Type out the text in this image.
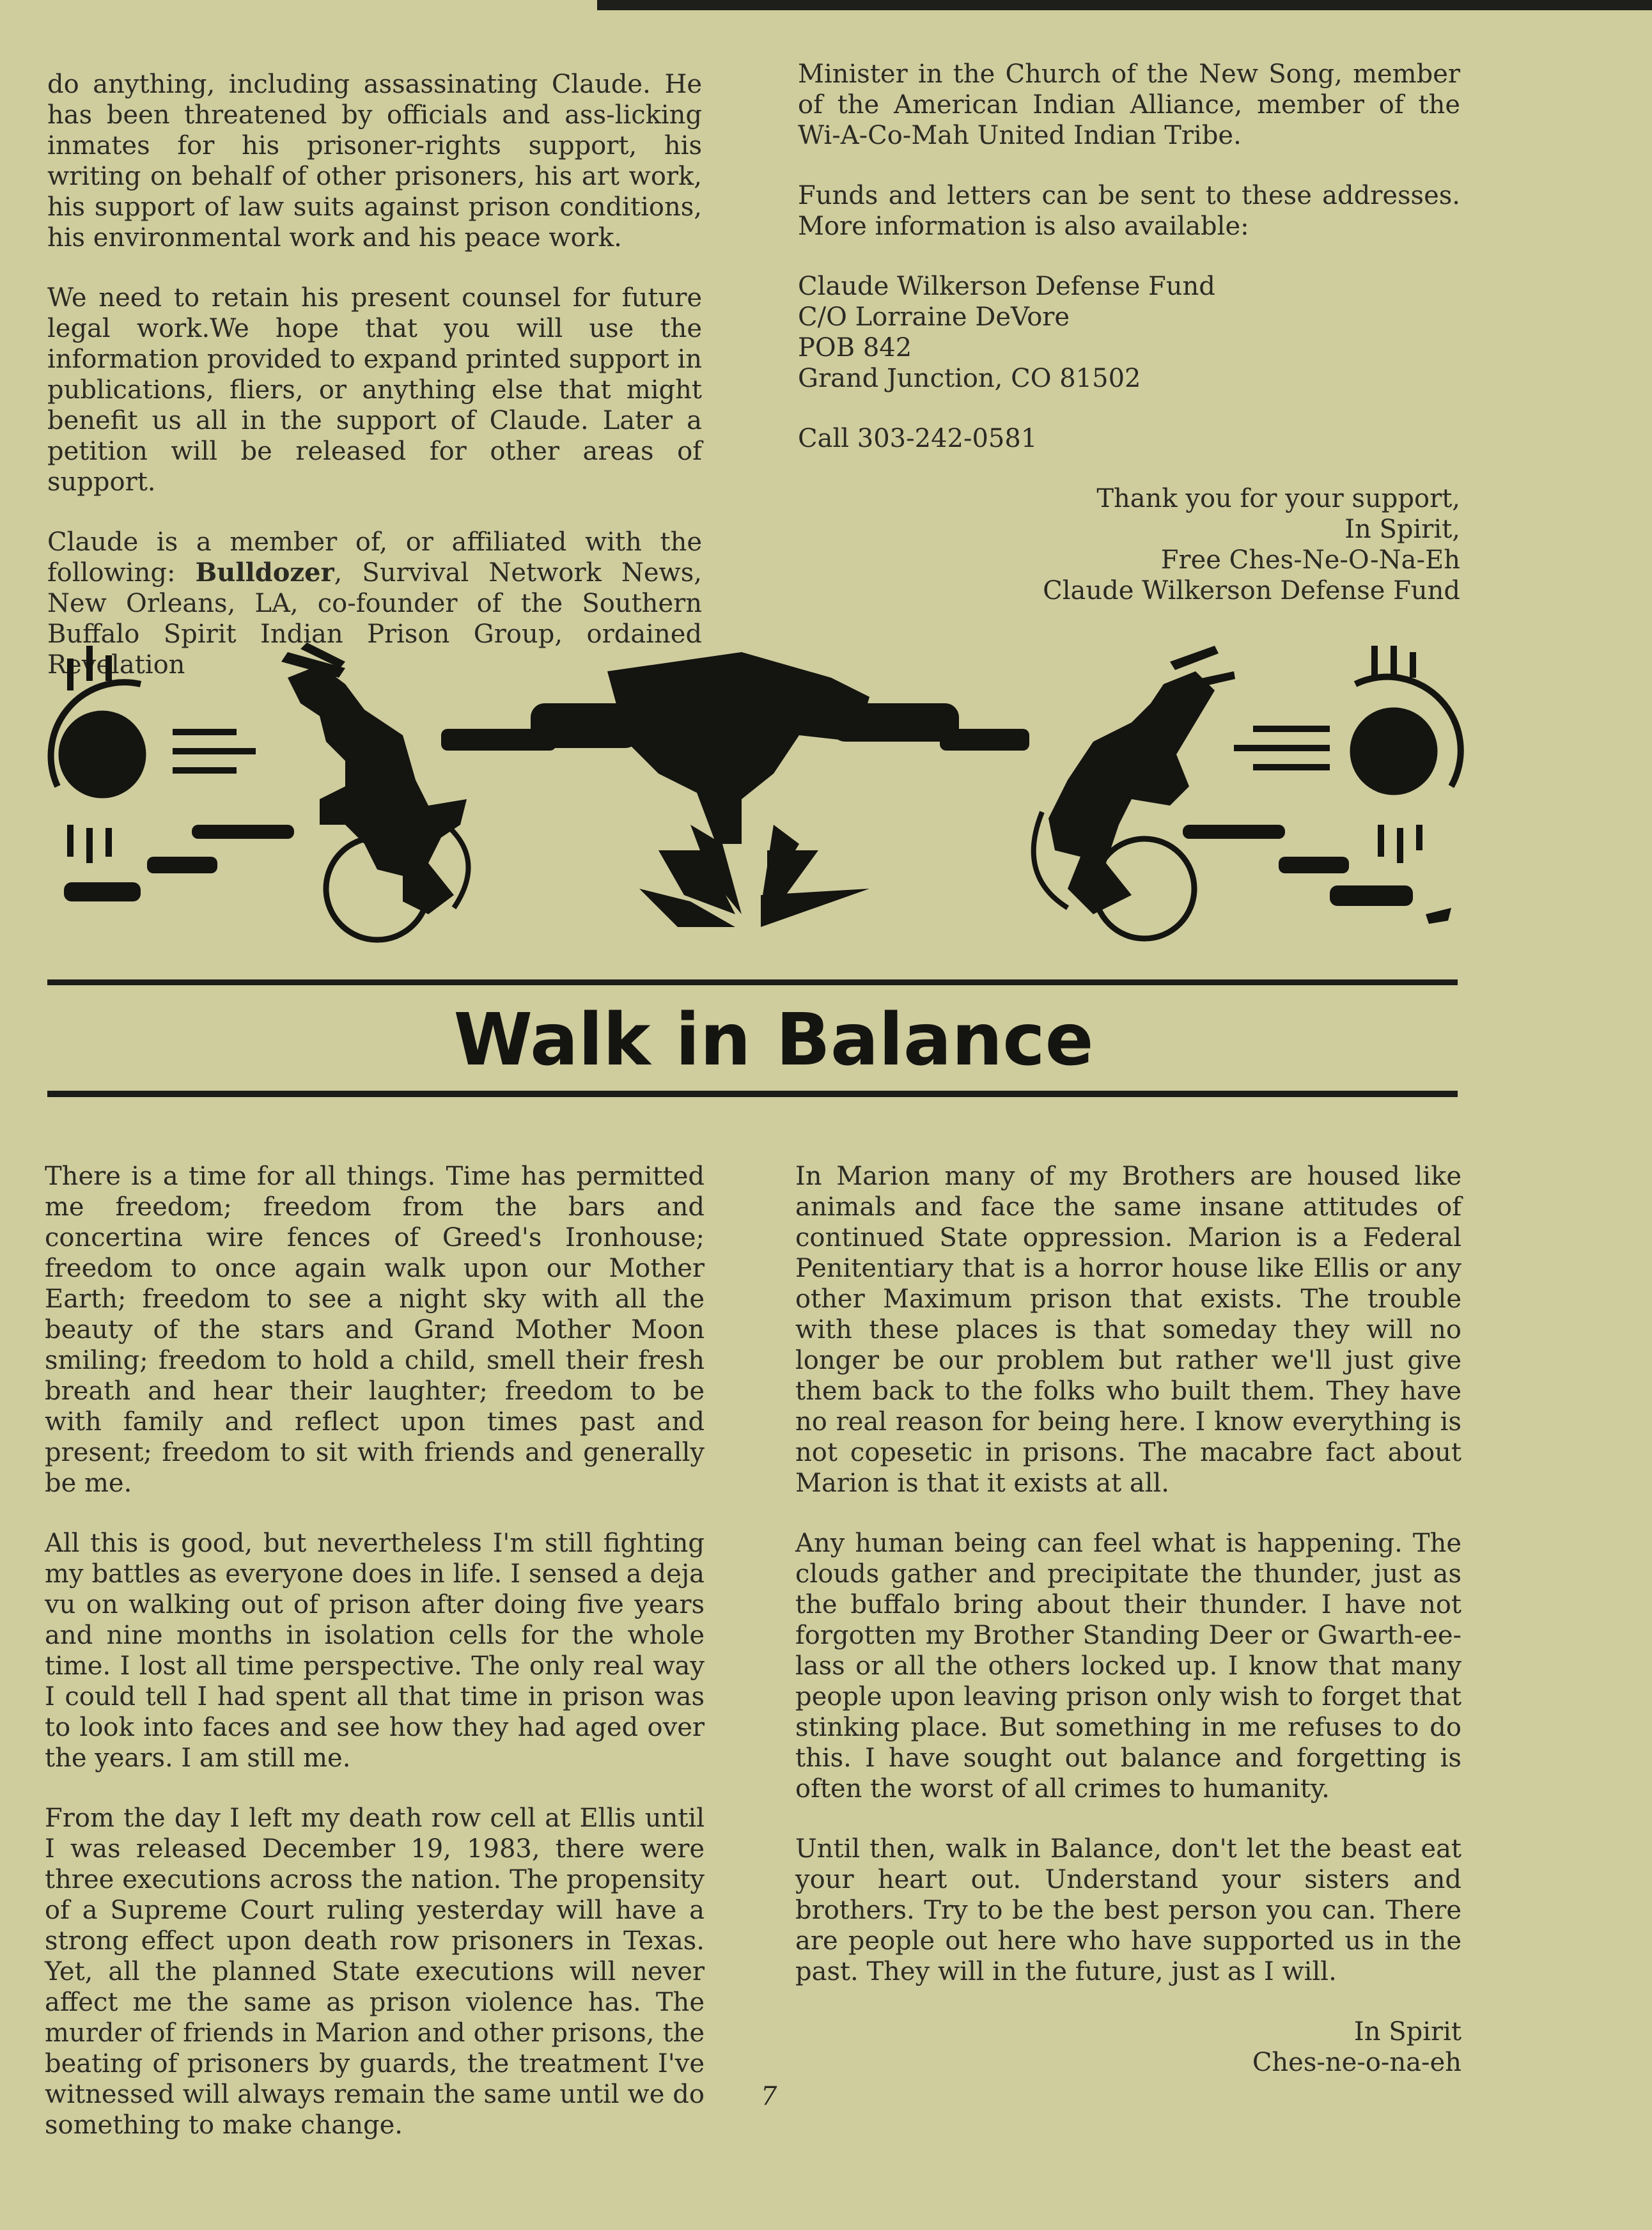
do anything, including assassinating Claude. He has been threatened by officials and ass-licking inmates for his prisoner-rights support, his writing on behalf of other prisoners, his art work, his support of law suits against prison conditions, his environmental work and his peace work.

We need to retain his present counsel for future legal work.We hope that you will use the information provided to expand printed support in publications, fliers, or anything else that might benefit us all in the support of Claude. Later a petition will be released for other areas of support.

Claude is a member of, or affiliated with the following: Bulldozer, Survival Network News, New Orleans, LA, co-founder of the Southern Buffalo Spirit Indian Prison Group, ordained Revelation

Minister in the Church of the New Song, member of the American Indian Alliance, member of the Wi-A-Co-Mah United Indian Tribe.

Funds and letters can be sent to these addresses. More information is also available:

Claude Wilkerson Defense Fund
C/O Lorraine DeVore
POB 842
Grand Junction, CO 81502

Call 303-242-0581

Thank you for your support,
In Spirit,
Free Ches-Ne-O-Na-Eh
Claude Wilkerson Defense Fund
Walk in Balance

There is a time for all things. Time has permitted me freedom; freedom from the bars and concertina wire fences of Greed's Ironhouse; freedom to once again walk upon our Mother Earth; freedom to see a night sky with all the beauty of the stars and Grand Mother Moon smiling; freedom to hold a child, smell their fresh breath and hear their laughter; freedom to be with family and reflect upon times past and present; freedom to sit with friends and generally be me.

All this is good, but nevertheless I'm still fighting my battles as everyone does in life. I sensed a deja vu on walking out of prison after doing five years and nine months in isolation cells for the whole time. I lost all time perspective. The only real way I could tell I had spent all that time in prison was to look into faces and see how they had aged over the years. I am still me.

From the day I left my death row cell at Ellis until I was released December 19, 1983, there were three executions across the nation. The propensity of a Supreme Court ruling yesterday will have a strong effect upon death row prisoners in Texas. Yet, all the planned State executions will never affect me the same as prison violence has. The murder of friends in Marion and other prisons, the beating of prisoners by guards, the treatment I've witnessed will always remain the same until we do something to make change.

In Marion many of my Brothers are housed like animals and face the same insane attitudes of continued State oppression. Marion is a Federal Penitentiary that is a horror house like Ellis or any other Maximum prison that exists. The trouble with these places is that someday they will no longer be our problem but rather we'll just give them back to the folks who built them. They have no real reason for being here. I know everything is not copesetic in prisons. The macabre fact about Marion is that it exists at all.

Any human being can feel what is happening. The clouds gather and precipitate the thunder, just as the buffalo bring about their thunder. I have not forgotten my Brother Standing Deer or Gwarth-ee-lass or all the others locked up. I know that many people upon leaving prison only wish to forget that stinking place. But something in me refuses to do this. I have sought out balance and forgetting is often the worst of all crimes to humanity.

Until then, walk in Balance, don't let the beast eat your heart out. Understand your sisters and brothers. Try to be the best person you can. There are people out here who have supported us in the past. They will in the future, just as I will.

In Spirit
Ches-ne-o-na-eh
7
